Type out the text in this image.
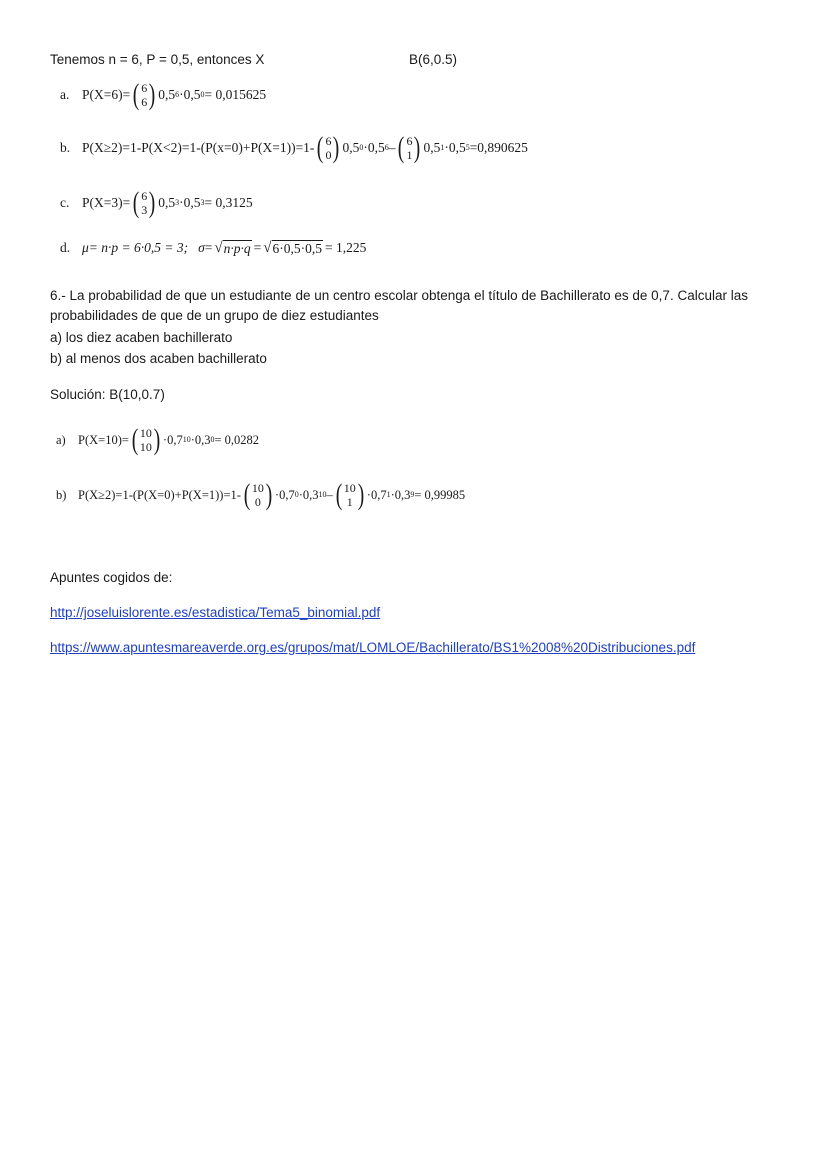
Tenemos n = 6, P = 0,5, entonces X	B(6,0.5)
a. P(X=6)= ( 6
6 ) 0,5 6 · 0,5 0 = 0,015625
b. P(X≥2)=1-P(X<2)=1-(P(x=0)+P(X=1))=1- ( 6
0 ) 0,5 0 · 0,5 6 – ( 6
1 ) 0,5 1 · 0,5 5 =0,890625
c. P(X=3)= ( 6
3 ) 0,5 3 · 0,5 3 = 0,3125
d. μ = n·p = 6·0,5 = 3; σ = √ n·p·q = √ 6·0,5·0,5 = 1,225
6.- La probabilidad de que un estudiante de un centro escolar obtenga el título de Bachillerato es de 0,7. Calcular las
probabilidades de que de un grupo de diez estudiantes
a) los diez acaben bachillerato
b) al menos dos acaben bachillerato
Solución: B(10,0.7)
a) P(X=10)= ( 10
10 ) · 0,7 10 · 0,3 0 = 0,0282
b) P(X≥2)=1-(P(X=0)+P(X=1))=1- ( 10
0 ) · 0,7 0 · 0,3 10 – ( 10
1 ) · 0,7 1 · 0,3 9 = 0,99985
Apuntes cogidos de:
http://joseluislorente.es/estadistica/Tema5_binomial.pdf
https://www.apuntesmareaverde.org.es/grupos/mat/LOMLOE/Bachillerato/BS1%2008%20Distribuciones.pdf
